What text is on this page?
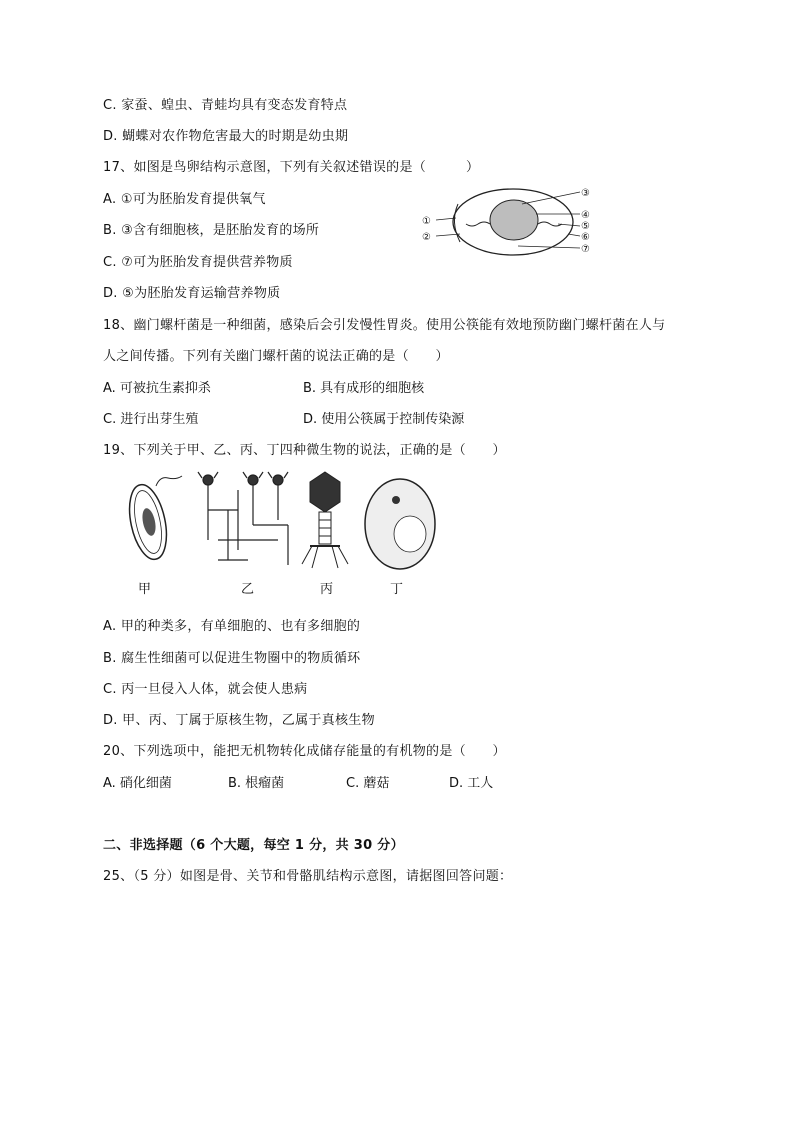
C. 家蚕、蝗虫、青蛙均具有变态发育特点
D. 蝴蝶对农作物危害最大的时期是幼虫期
17、如图是鸟卵结构示意图，下列有关叙述错误的是（　　　）
A. ①可为胚胎发育提供氧气
B. ③含有细胞核，是胚胎发育的场所
C. ⑦可为胚胎发育提供营养物质
D. ⑤为胚胎发育运输营养物质
③
④
⑤
⑥
⑦
①
②
18、幽门螺杆菌是一种细菌，感染后会引发慢性胃炎。使用公筷能有效地预防幽门螺杆菌在人与
人之间传播。下列有关幽门螺杆菌的说法正确的是（　　）
A. 可被抗生素抑杀	B. 具有成形的细胞核
C. 进行出芽生殖	D. 使用公筷属于控制传染源
19、下列关于甲、乙、丙、丁四种微生物的说法，正确的是（　　）
甲	乙	丙	丁
A. 甲的种类多，有单细胞的、也有多细胞的
B. 腐生性细菌可以促进生物圈中的物质循环
C. 丙一旦侵入人体，就会使人患病
D. 甲、丙、丁属于原核生物，乙属于真核生物
20、下列选项中，能把无机物转化成储存能量的有机物的是（　　）
A. 硝化细菌	B. 根瘤菌	C. 蘑菇	D. 工人
二、非选择题（6 个大题，每空 1 分，共 30 分）
25、（5 分）如图是骨、关节和骨骼肌结构示意图，请据图回答问题：
